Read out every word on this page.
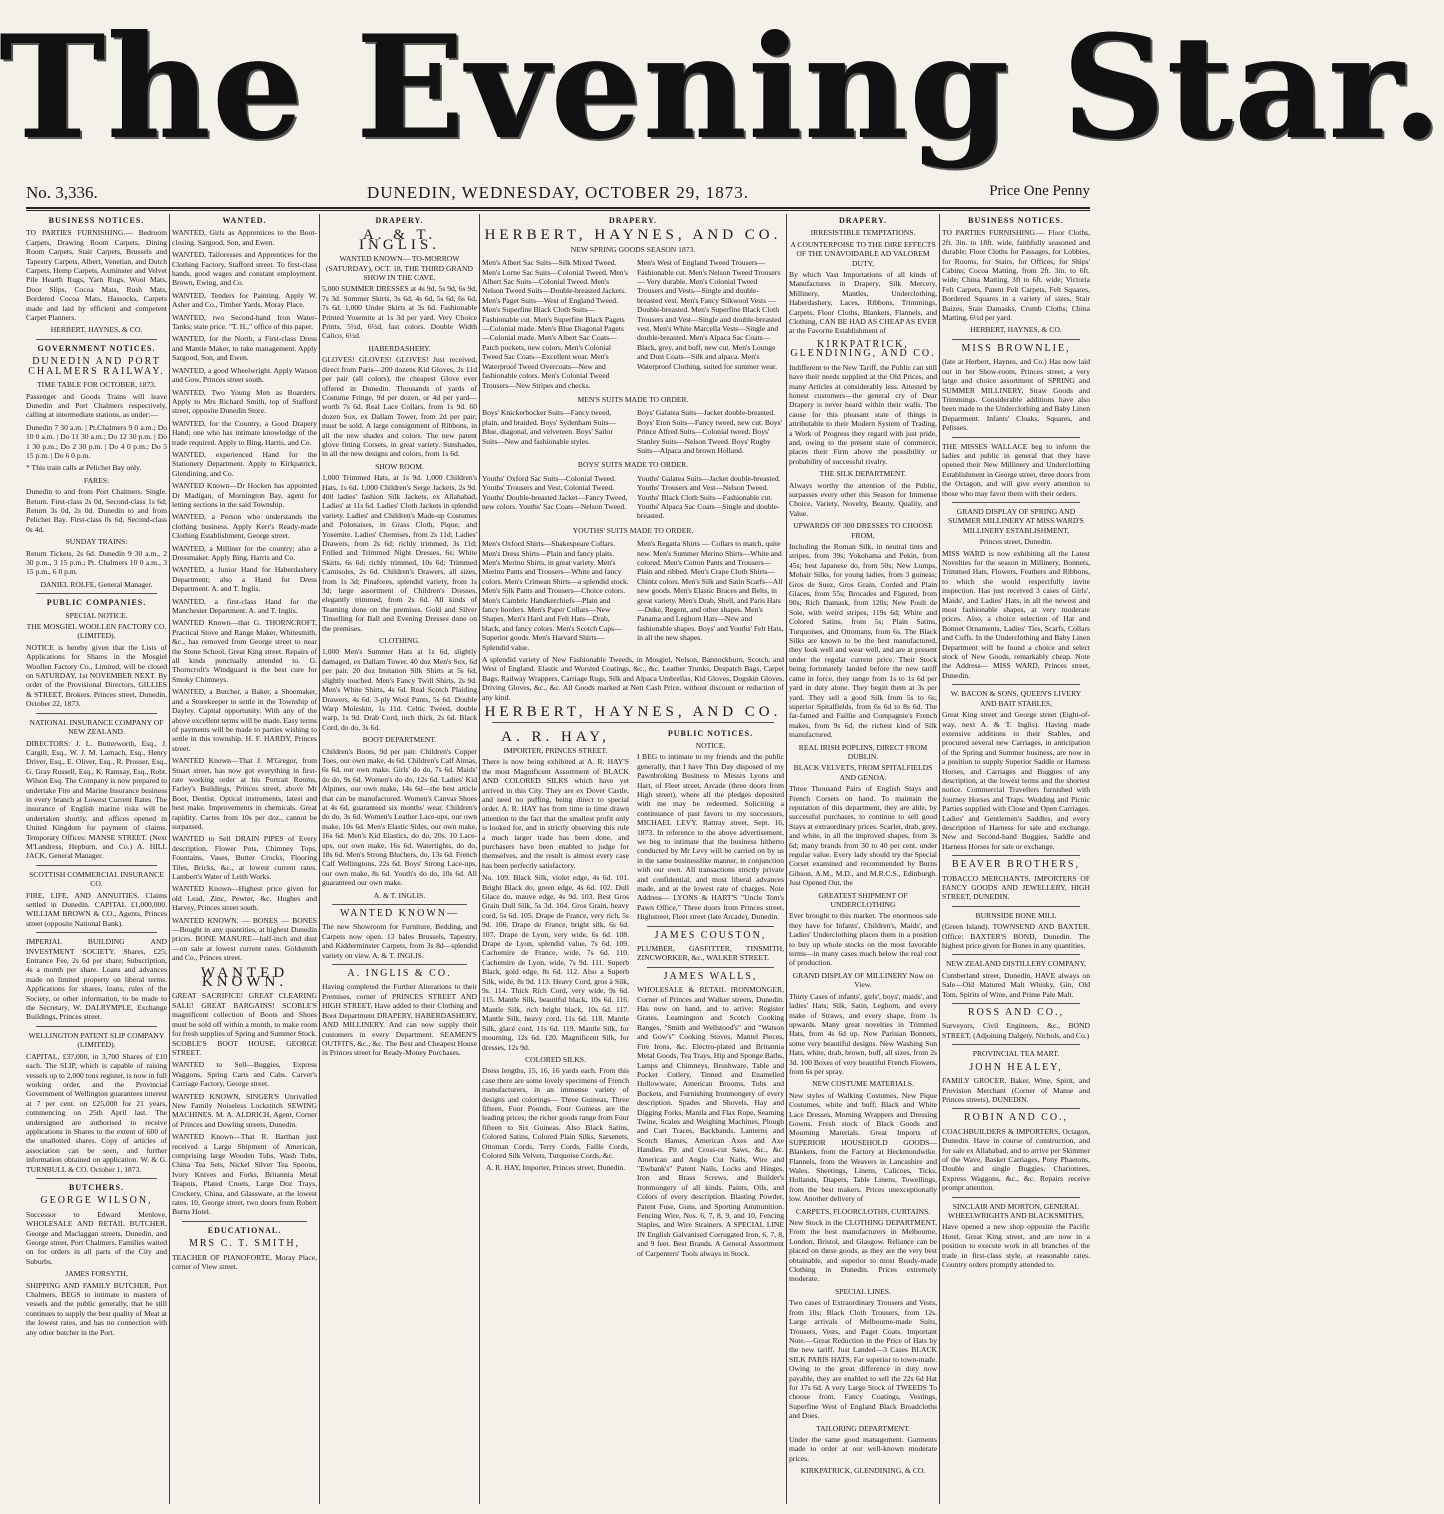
The Evening Star.
No. 3,336.	DUNEDIN, WEDNESDAY, OCTOBER 29, 1873.	Price One Penny
BUSINESS NOTICES.

TO PARTIES FURNISHING.— Bedroom Carpets, Drawing Room Carpets, Dining Room Carpets, Stair Carpets, Brussels and Tapestry Carpets, Albert, Venetian, and Dutch Carpets, Hemp Carpets, Axminster and Velvet Pile Hearth Rugs, Yarn Rugs, Wool Mats, Door Slips, Cocoa Mats, Rush Mats, Bordered Cocoa Mats, Hassocks, Carpets made and laid by efficient and competent Carpet Planners.

HERBERT, HAYNES, & CO.
GOVERNMENT NOTICES.
DUNEDIN AND PORT CHALMERS RAILWAY.
TIME TABLE FOR OCTOBER, 1873.

Passenger and Goods Trains will leave Dunedin and Port Chalmers respectively, calling at intermediate stations, as under:—

Dunedin 7 30 a.m. | Pt.Chalmers 9 0 a.m.; Do 10 0 a.m. | Do 11 30 a.m.; Do 12 30 p.m. | Do 1 30 p.m.; Do 2 30 p.m. | Do 4 0 p.m.; Do 5 15 p.m. | Do 6 0 p.m.

* This train calls at Pelichet Bay only.

FARES:

Dunedin to and from Port Chalmers. Single. Return. First-class 2s 0d, Second-class 1s 6d; Return 3s 0d, 2s 0d. Dunedin to and from Pelichet Bay. First-class 0s 6d, Second-class 0s 4d.

SUNDAY TRAINS:

Return Tickets, 2s 6d. Dunedin 9 30 a.m., 2 30 p.m., 3 15 p.m.; Pt. Chalmers 10 0 a.m., 3 15 p.m., 6 0 p.m.

DANIEL ROLFE, General Manager.
PUBLIC COMPANIES.
SPECIAL NOTICE.
THE MOSGIEL WOOLLEN FACTORY CO. (LIMITED).

NOTICE is hereby given that the Lists of Applications for Shares in the Mosgiel Woollen Factory Co., Limited, will be closed on SATURDAY, 1st NOVEMBER NEXT. By order of the Provisional Directors, GILLIES & STREET, Brokers. Princes street, Dunedin, October 22, 1873.

NATIONAL INSURANCE COMPANY OF NEW ZEALAND.

DIRECTORS: J. L. Butterworth, Esq., J. Cargill, Esq., W. J. M. Larnach, Esq., Henry Driver, Esq., E. Oliver, Esq., R. Prosser, Esq., G. Gray Russell, Esq., K. Ramsay, Esq., Robt. Wilson Esq. The Company is now prepared to undertake Fire and Marine Insurance business in every branch at Lowest Current Rates. The insurance of English marine risks will be undertaken shortly, and offices opened in United Kingdom for payment of claims. Temporary Offices: MANSE STREET. (Next M'Landress, Hepburn, and Co.) A. HILL JACK, General Manager.

SCOTTISH COMMERCIAL INSURANCE CO.

FIRE, LIFE, AND ANNUITIES. Claims settled in Dunedin. CAPITAL £1,000,000. WILLIAM BROWN & CO., Agents, Princes street (opposite National Bank).

IMPERIAL BUILDING AND INVESTMENT SOCIETY. Shares, £25; Entrance Fee, 2s 6d per share; Subscription, 4s a month per share. Loans and advances made on limited property on liberal terms. Applications for shares, loans, rules of the Society, or other information, to be made to the Secretary, W. DALRYMPLE, Exchange Buildings, Princes street.

WELLINGTON PATENT SLIP COMPANY (LIMITED).

CAPITAL, £37,000, in 3,700 Shares of £10 each. The SLIP, which is capable of raising vessels up to 2,000 tons register, is now in full working order, and the Provincial Government of Wellington guarantees interest at 7 per cent. on £25,000 for 21 years, commencing on 25th April last. The undersigned are authorised to receive applications in Shares to the extent of 600 of the unallotted shares. Copy of articles of association can be seen, and further information obtained on application. W. & G. TURNBULL & CO. October 1, 1873.

BUTCHERS.
GEORGE WILSON,

Successor to Edward Menlove, WHOLESALE AND RETAIL BUTCHER, George and Maclaggan streets, Dunedin, and George street, Port Chalmers. Families waited on for orders in all parts of the City and Suburbs.

JAMES FORSYTH,

SHIPPING AND FAMILY BUTCHER, Port Chalmers, BEGS to intimate to masters of vessels and the public generally, that he still continues to supply the best quality of Meat at the lowest rates, and has no connection with any other butcher in the Port.

WANTED.

WANTED, Girls as Apprentices to the Boot-closing. Sargood, Son, and Ewen.

WANTED, Tailoresses and Apprentices for the Clothing Factory, Stafford street. To first-class hands, good wages and constant employment. Brown, Ewing, and Co.

WANTED, Tenders for Painting. Apply W. Asher and Co., Timber Yards, Moray Place.

WANTED, two Second-hand Iron Water-Tanks; state price. "T. H.," office of this paper.

WANTED, for the North, a First-class Dress and Mantle Maker, to take management. Apply Sargood, Son, and Ewen.

WANTED, a good Wheelwright. Apply Watson and Gow, Princes street south.

WANTED, Two Young Men as Boarders. Apply to Mrs Richard Smith, top of Stafford street, opposite Dunedin Store.

WANTED, for the Country, a Good Drapery Hand; one who has intimate knowledge of the trade required. Apply to Bing, Harris, and Co.

WANTED, experienced Hand for the Stationery Department. Apply to Kirkpatrick, Glendining, and Co.

WANTED Known—Dr Hocken has appointed Dr Madigan, of Mornington Bay, agent for letting sections in the said Township.

WANTED, a Person who understands the clothing business. Apply Kerr's Ready-made Clothing Establishment, George street.

WANTED, a Milliner for the country; also a Dressmaker. Apply Bing, Harris and Co.

WANTED, a Junior Hand for Haberdashery Department; also a Hand for Dress Department. A. and T. Inglis.

WANTED, a first-class Hand for the Manchester Department. A. and T. Inglis.

WANTED Known—that G. THORNCROFT, Practical Stove and Range Maker, Whitesmith, &c., has removed from George street to near the Stone School, Great King street. Repairs of all kinds punctually attended to. G. Thorncroft's Windguard is the best cure for Smoky Chimneys.

WANTED, a Butcher, a Baker, a Shoemaker, and a Storekeeper to settle in the Township of Dayley. Capital opportunity. With any of the above excellent terms will be made. Easy terms of payments will be made to parties wishing to settle in this township. H. F. HARDY, Princes street.

WANTED Known—That J. M'Gregor, from Stuart street, has now got everything in first-rate working order at his Portrait Rooms, Farley's Buildings, Princes street, above Mr Boot, Dentist. Optical instruments, latest and best make. Improvements in chemicals. Great rapidity. Cartes from 10s per doz., cannot be surpassed.

WANTED to Sell DRAIN PIPES of Every description, Flower Pots, Chimney Tops, Fountains, Vases, Butter Crocks, Flooring Tiles, Bricks, &c., at lowest current rates. Lambert's Water of Leith Works.

WANTED Known—Highest price given for old Lead, Zinc, Pewter, &c. Hughes and Harvey, Princes street south.

WANTED KNOWN. — BONES — BONES—Bought in any quantities, at highest Dunedin prices. BONE MANURE—half-inch and dust—on sale at lowest current rates. Goldsmith and Co., Princes street.

WANTED KNOWN.

GREAT SACRIFICE! GREAT CLEARING SALE! GREAT BARGAINS! SCOBLE'S magnificent collection of Boots and Shoes must be sold off within a month, to make room for fresh supplies of Spring and Summer Stock. SCOBLE'S BOOT HOUSE, GEORGE STREET.

WANTED to Sell—Buggies, Express Waggons, Spring Carts and Cabs. Carver's Carriage Factory, George street.

WANTED KNOWN, SINGER'S Unrivalled New Family Noiseless Lockstitch SEWING MACHINES. M. A. ALDRICH, Agent, Corner of Princes and Dowling streets, Dunedin.

WANTED Known—That R. Barthan just received a Large Shipment of American, comprising large Wooden Tubs, Wash Tubs, China Tea Sets, Nickel Silver Tea Spoons, Ivory Knives and Forks, Britannia Metal Teapots, Plated Cruets, Large Doz Trays, Crockery, China, and Glassware, at the lowest rates. 10, George street, two doors from Robert Burns Hotel.

EDUCATIONAL.
MRS C. T. SMITH,

TEACHER OF PIANOFORTE, Moray Place, corner of View street.

DRAPERY.
A. & T. INGLIS.
WANTED KNOWN— TO-MORROW (SATURDAY), OCT. 18, THE THIRD GRAND SHOW IN THE CAVE.

5,000 SUMMER DRESSES at 4s 9d, 5s 9d, 6s 9d, 7s 3d. Summer Skirts, 3s 6d, 4s 6d, 5s 6d, 6s 6d, 7s 6d. 1,000 Under Skirts at 3s 6d. Fashionable Printed Yosemite at 1s 3d per yard. Very Choice Prints, 5½d, 6½d, fast colors. Double Width Calico, 6½d.

HABERDASHERY.

GLOVES! GLOVES! GLOVES! Just received, direct from Paris—200 dozens Kid Gloves, 2s 11d per pair (all colors), the cheapest Glove ever offered in Dunedin. Thousands of yards of Costume Fringe, 9d per dozen, or 4d per yard—worth 7s 6d. Real Lace Collars, from 1s 9d. 60 dozen Sox, ex Dallam Tower, from 2d per pair; must be sold. A large consignment of Ribbons, in all the new shades and colors. The new patent glove fitting Corsets, in great variety. Sunshades, in all the new designs and colors, from 1s 6d.

SHOW ROOM.

1,000 Trimmed Hats, at 1s 9d. 1,000 Children's Hats, 1s 6d. 1,000 Children's Serge Jackets, 2s 9d. 400 ladies' fashion Silk Jackets, ex Allahabad, Ladies' at 11s 6d. Ladies' Cloth Jackets in splendid variety. Ladies' and Children's Made-up Costumes and Polonaises, in Grass Cloth, Pique, and Yosemite. Ladies' Chemises, from 2s 11d; Ladies' Drawers, from 2s 6d; richly trimmed, 3s 11d; Frilled and Trimmed Night Dresses, 6s; White Skirts, 6s 6d; richly trimmed, 10s 6d; Trimmed Camisoles, 2s 6d. Children's Drawers, all sizes, from 1s 3d; Pinafores, splendid variety, from 1s 3d; large assortment of Children's Dresses, elegantly trimmed, from 2s 6d. All kinds of Teaming done on the premises. Gold and Silver Tinselling for Ball and Evening Dresses done on the premises.

CLOTHING.

1,000 Men's Summer Hats at 1s 6d, slightly damaged, ex Dallam Tower. 40 doz Men's Sox, 6d per pair. 20 doz Imitation Silk Shirts at 5s 6d, slightly touched. Men's Fancy Twill Shirts, 2s 9d. Men's White Shirts, 4s 6d. Real Scotch Plaiding Drawers, 4s 6d. 3-ply Wool Pants, 5s 6d. Double Warp Moleskin, 1s 11d. Celtic Tweed, double warp, 1s 9d. Drab Cord, inch thick, 2s 6d. Black Cord, do do, 3s 6d.

BOOT DEPARTMENT.

Children's Boots, 9d per pair. Children's Copper Toes, our own make, 4s 6d. Children's Calf Almas, 6s 6d, our own make. Girls' do do, 7s 6d. Maids' do do, 9s 6d. Women's do do, 12s 6d. Ladies' Kid Alpines, our own make, 14s 6d—the best article that can be manufactured. Women's Canvas Shoes at 4s 6d, guaranteed six months' wear. Children's do do, 3s 6d. Women's Leather Lace-ups, our own make, 10s 6d. Men's Elastic Sides, our own make, 16s 6d. Men's Kid Elastics, do do, 20s. 10 Lace-ups, our own make, 16s 6d. Watertights, do do, 18s 6d. Men's Strong Bluchers, do, 13s 6d. French Calf Wellingtons, 22s 6d. Boys' Strong Lace-ups, our own make, 8s 6d. Youth's do do, 10s 6d. All guaranteed our own make.

A. & T. INGLIS.
WANTED KNOWN—

The new Showroom for Furniture, Bedding, and Carpets now open. 13 bales Brussels, Tapestry, and Kidderminster Carpets, from 3s 8d—splendid variety on view. A. & T. INGLIS.

A. INGLIS & CO.

Having completed the Further Alterations to their Premises, corner of PRINCES STREET AND HIGH STREET, Have added to their Clothing and Boot Department DRAPERY, HABERDASHERY, AND MILLINERY. And can now supply their customers in every Department. SEAMEN'S OUTFITS, &c., &c. The Best and Cheapest House in Princes street for Ready-Money Purchases.

DRAPERY.
HERBERT, HAYNES, AND CO.
NEW SPRING GOODS SEASON 1873.
Men's Albert Sac Suits—Silk Mixed Tweed. Men's Lorne Sac Suits—Colonial Tweed. Men's Albert Sac Suits—Colonial Tweed. Men's Nelson Tweed Suits—Double-breasted Jackets. Men's Paget Suits—West of England Tweed. Men's Superfine Black Cloth Suits—Fashionable cut. Men's Superfine Black Pagets—Colonial made. Men's Blue Diagonal Pagets—Colonial made. Men's Albert Sac Coats—Patch pockets, new colors. Men's Colonial Tweed Sac Coats—Excellent wear. Men's Waterproof Tweed Overcoats—New and fashionable colors. Men's Colonial Tweed Trousers—New Stripes and checks.
Men's West of England Tweed Trousers—Fashionable cut. Men's Nelson Tweed Trousers — Very durable. Men's Colonial Tweed Trousers and Vests—Single and double-breasted vest. Men's Fancy Silkwool Vests — Double-breasted. Men's Superfine Black Cloth Trousers and Vest—Single and double-breasted vest. Men's White Marcella Vests—Single and double-breasted. Men's Alpaca Sac Coats—Black, grey, and buff, new cut. Men's Lounge and Dust Coats—Silk and alpaca. Men's Waterproof Clothing, suited for summer wear.
MEN'S SUITS MADE TO ORDER.
Boys' Knickerbocker Suits—Fancy tweed, plain, and braided. Boys' Sydenham Suits—Blue, diagonal, and velveteen. Boys' Sailor Suits—New and fashionable styles.
Boys' Galatea Suits—Jacket double-breasted. Boys' Eton Suits—Fancy tweed, new cut. Boys' Prince Alfred Suits—Colonial tweed. Boys' Stanley Suits—Nelson Tweed. Boys' Rugby Suits—Alpaca and brown Holland.
BOYS' SUITS MADE TO ORDER.
Youths' Oxford Sac Suits—Colonial Tweed. Youths' Trousers and Vest, Colonial Tweed. Youths' Double-breasted Jacket—Fancy Tweed, new colors. Youths' Sac Coats—Nelson Tweed.
Youths' Galatea Suits—Jacket double-breasted. Youths' Trousers and Vest—Nelson Tweed. Youths' Black Cloth Suits—Fashionable cut. Youths' Alpaca Sac Coats—Single and double-breasted.
YOUTHS' SUITS MADE TO ORDER.
Men's Oxford Shirts—Shakespeare Collars. Men's Dress Shirts—Plain and fancy plaits. Men's Merino Shirts, in great variety. Men's Merino Pants and Trousers—White and fancy colors. Men's Crimean Shirts—a splendid stock. Men's Silk Pants and Trousers—Choice colors. Men's Cambric Handkerchiefs—Plain and fancy borders. Men's Paper Collars—New Shapes. Men's Hard and Felt Hats—Drab, black, and fancy colors. Men's Scotch Caps—Superior goods. Men's Harvard Shirts—Splendid value.
Men's Regatta Shirts — Collars to match, quite new. Men's Summer Merino Shirts—White and colored. Men's Cotton Pants and Trousers—Plain and ribbed. Men's Crape Cloth Shirts—Chintz colors. Men's Silk and Satin Scarfs—All new goods. Men's Elastic Braces and Belts, in great variety. Men's Drab, Shell, and Paris Hats—Duke, Regent, and other shapes. Men's Panama and Leghorn Hats—New and fashionable shapes. Boys' and Youths' Felt Hats, in all the new shapes.

A splendid variety of New Fashionable Tweeds, in Mosgiel, Nelson, Bannockburn, Scotch, and West of England. Elastic and Worsted Coatings, &c., &c. Leather Trunks, Despatch Bags, Carpet Bags, Railway Wrappers, Carriage Rugs, Silk and Alpaca Umbrellas, Kid Gloves, Dogskin Gloves, Driving Gloves, &c., &c. All Goods marked at Nett Cash Price, without discount or reduction of any kind.

HERBERT, HAYNES, AND CO.
A. R. HAY,
IMPORTER, PRINCES STREET.

There is now being exhibited at A. R. HAY'S the most Magnificent Assortment of BLACK AND COLORED SILKS which have yet arrived in this City. They are ex Dover Castle, and need no puffing, being direct to special order. A. R. HAY has from time to time drawn attention to the fact that the smallest profit only is looked for, and in strictly observing this rule a much larger trade has been done, and purchasers have been enabled to judge for themselves, and the result is almost every case has been perfectly satisfactory.

No. 109. Black Silk, violet edge, 4s 6d. 101. Bright Black do, green edge, 4s 6d. 102. Dull Glace do, mauve edge, 4s 9d. 103. Best Gros Grain Dull Silk, 5s 3d. 104. Gros Grain, heavy cord, 5s 6d. 105. Drape de France, very rich, 5s 9d. 106. Drape de France, bright silk, 6s 6d. 107. Drape de Lyon, very wide, 6s 6d. 108. Drape de Lyon, splendid value, 7s 6d. 109. Cachemire de France, wide, 7s 6d. 110. Cachemire de Lyon, wide, 7s 9d. 111. Superb Black, gold edge, 8s 6d. 112. Also a Superb Silk, wide, 8s 9d. 113. Heavy Cord, gros à Silk, 9s. 114. Thick Rich Cord, very wide, 9s 6d. 115. Mantle Silk, beautiful black, 10s 6d. 116. Mantle Silk, rich bright black, 10s 6d. 117. Mantle Silk, heavy cord, 11s 6d. 118. Mantle Silk, glacé cord, 11s 6d. 119. Mantle Silk, for mourning, 12s 6d. 120. Magnificent Silk, for dresses, 12s 9d.

COLORED SILKS.

Dress lengths, 15, 16, 16 yards each. From this case there are some lovely specimens of French manufacturers, in an immense variety of designs and colorings— Three Guineas, Three fifteen, Four Pounds, Four Guineas are the leading prices; the richer goods range from Four fifteen to Six Guineas. Also Black Satins, Colored Satins, Colored Plain Silks, Sarsenets, Ottoman Cords, Terry Cords, Faille Cords, Colored Silk Velvets, Turquoise Cords, &c.

A. R. HAY, Importer, Princes street, Dunedin.
PUBLIC NOTICES.
NOTICE.

I BEG to intimate to my friends and the public generally, that I have This Day disposed of my Pawnbroking Business to Messrs Lyons and Hart, of Fleet street, Arcade (three doors from High street), where all the pledges deposited with me may be redeemed. Soliciting a continuance of past favors to my successors, MICHAEL LEVY. Rattray street, Sept. 16, 1873. In reference to the above advertisement, we beg to intimate that the business hitherto conducted by Mr Levy will be carried on by us in the same businesslike manner, in conjunction with our own. All transactions strictly private and confidential, and most liberal advances made, and at the lowest rate of charges. Note Address— LYONS & HART'S "Uncle Tom's Pawn Office," Three doors from Princes street, Highstreet, Fleet street (late Arcade), Dunedin.

JAMES COUSTON,

PLUMBER, GASFITTER, TINSMITH, ZINCWORKER, &c., WALKER STREET.

JAMES WALLS,

WHOLESALE & RETAIL IRONMONGER, Corner of Princes and Walker streets, Dunedin. Has now on hand, and to arrive: Register Grates, Leamington and Scotch Cooking Ranges, "Smith and Wellstood's" and "Watson and Gow's" Cooking Stoves, Mantel Pieces, Fire Irons, &c. Electro-plated and Britannia Metal Goods, Tea Trays, Hip and Sponge Baths, Lamps and Chimneys, Brushware, Table and Pocket Cutlery, Tinned and Enamelled Hollowware, American Brooms, Tubs and Buckets, and Furnishing Ironmongery of every description. Spades and Shovels, Hay and Digging Forks, Manila and Flax Rope, Seaming Twine, Scales and Weighing Machines, Plough and Cart Traces, Backbands, Lanterns and Scotch Hames, American Axes and Axe Handles. Pit and Cross-cut Saws, &c., &c. American and Anglo Cut Nails, Wire and "Ewbank's" Patent Nails, Locks and Hinges, Iron and Brass Screws, and Builder's Ironmongery of all kinds. Paints, Oils, and Colors of every description. Blasting Powder, Patent Fuse, Guns, and Sporting Ammunition. Fencing Wire, Nos. 6, 7, 8, 9, and 10, Fencing Staples, and Wire Strainers. A SPECIAL LINE IN English Galvanised Corrugated Iron, 6, 7, 8, and 9 feet. Best Brands. A General Assortment of Carpenters' Tools always in Stock.

DRAPERY.
IRRESISTIBLE TEMPTATIONS.
A COUNTERPOISE TO THE DIRE EFFECTS OF THE UNAVOIDABLE AD VALOREM DUTY,

By which Vast Importations of all kinds of Manufactures in Drapery, Silk Mercery, Millinery, Mantles, Underclothing, Haberdashery, Laces, Ribbons, Trimmings, Carpets, Floor Cloths, Blankets, Flannels, and Clothing, CAN BE HAD AS CHEAP AS EVER at the Favorite Establishment of

KIRKPATRICK, GLENDINING, AND CO.

Indifferent to the New Tariff, the Public can still have their needs supplied at the Old Prices, and many Articles at considerably less. Attested by honest customers—the general cry of Dear Drapery is never heard within their walls. The cause for this pleasant state of things is attributable to their Modern System of Trading, a Work of Progress they regard with just pride, and, owing to the present state of commerce, places their Firm above the possibility or probability of successful rivalry.

THE SILK DEPARTMENT.

Always worthy the attention of the Public, surpasses every other this Season for Immense Choice, Variety, Novelty, Beauty, Quality, and Value.

UPWARDS OF 300 DRESSES TO CHOOSE FROM,

Including the Roman Silk, in neutral tints and stripes, from 39s; Yokohama and Pekin, from 45s; best Japanese do, from 50s; New Lumps, Mohair Silks, for young ladies, from 3 guineas; Gros de Suez, Gros Grain, Corded and Plain Glaces, from 55s; Brocades and Figured, from 90s; Rich Damask, from 120s; New Poult de Soie, with weird stripes, 119s 6d; White and Colored Satins, from 5s; Plain Satins, Turquoises, and Ottomans, from 6s. The Black Silks are known to be the best manufactured, they look well and wear well, and are at present under the regular current price. Their Stock being fortunately landed before the new tariff came in force, they range from 1s to 1s 6d per yard in duty alone. They begin them at 3s per yard. They sell a good Silk from 5s to 6s; superior Spitalfields, from 6s 6d to 8s 6d. The far-famed and Faillie and Compagnie's French makes, from 9s 6d, the richest kind of Silk manufactured.

REAL IRISH POPLINS, DIRECT FROM DUBLIN.
BLACK VELVETS, FROM SPITALFIELDS AND GENOA.

Three Thousand Pairs of English Stays and French Corsets on hand. To maintain the reputation of this department, they are able, by successful purchases, to continue to sell good Stays at extraordinary prices. Scarlet, drab, grey, and white, in all the improved shapes, from 3s 6d; many brands from 30 to 40 per cent. under regular value. Every lady should try the Special Corset examined and recommended by Burns Gibson, A.M., M.D., and M.R.C.S., Edinburgh. Just Opened Out, the

GREATEST SHIPMENT OF UNDERCLOTHING

Ever brought to this market. The enormous sale they have for Infants', Children's, Maids', and Ladies' Underclothing places them in a position to buy up whole stocks on the most favorable terms—in many cases much below the real cost of production.

GRAND DISPLAY OF MILLINERY Now on View.

Thirty Cases of infants', girls', boys', maids', and ladies' Hats; Silk, Satin, Leghorn, and every make of Straws, and every shape, from 1s upwards. Many great novelties in Trimmed Hats, from 4s 6d up. New Parisian Bonnets, some very beautiful designs. New Washing Sun Hats, white, drab, brown, buff, all sizes, from 2s 3d. 100 Boxes of very beautiful French Flowers, from 6s per spray.

NEW COSTUME MATERIALS.

New styles of Walking Costumes, New Pique Costumes, white and buff; Black and White Lace Dresses, Morning Wrappers and Dressing Gowns. Fresh stock of Black Goods and Mourning Materials. Great Imports of SUPERIOR HOUSEHOLD GOODS— Blankets, from the Factory at Heckmondwike. Flannels, from the Weavers in Lancashire and Wales. Sheetings, Linens, Calicoes, Ticks, Hollands, Diapers, Table Linens, Towellings, from the best makers. Prices unexceptionally low. Another delivery of

CARPETS, FLOORCLOTHS, CURTAINS.

New Stock in the CLOTHING DEPARTMENT, From the best manufacturers in Melbourne, London, Bristol, and Glasgow. Reliance can be placed on these goods, as they are the very best obtainable, and superior to most Ready-made Clothing in Dunedin. Prices extremely moderate.

SPECIAL LINES.

Two cases of Extraordinary Trousers and Vests, from 10s; Black Cloth Trousers, from 12s. Large arrivals of Melbourne-made Suits, Trousers, Vests, and Paget Coats. Important Note.—Great Reduction in the Price of Hats by the new tariff. Just Landed—3 Cases BLACK SILK PARIS HATS, Far superior to town-made. Owing to the great difference in duty now payable, they are enabled to sell the 22s 6d Hat for 17s 6d. A very Large Stock of TWEEDS To choose from. Fancy Coatings, Vestings, Superfine West of England Black Broadcloths and Does.

TAILORING DEPARTMENT.

Under the same good management. Garments made to order at our well-known moderate prices.

KIRKPATRICK, GLENDINING, & CO.
BUSINESS NOTICES.

TO PARTIES FURNISHING.— Floor Cloths, 2ft. 3in. to 18ft. wide, faithfully seasoned and durable; Floor Cloths for Passages, for Lobbies, for Rooms, for Stairs, for Offices, for Ships' Cabins; Cocoa Matting, from 2ft. 3in. to 6ft. wide; China Matting, 3ft to 6ft. wide; Victoria Felt Carpets, Patent Felt Carpets, Felt Squares, Bordered Squares in a variety of sizes, Stair Baizes, Stair Damasks, Crumb Cloths; China Matting, 6½d per yard.

HERBERT, HAYNES, & CO.
MISS BROWNLIE,

(late at Herbert, Haynes, and Co.) Has now laid out in her Show-room, Princes street, a very large and choice assortment of SPRING and SUMMER MILLINERY, Straw Goods and Trimmings. Considerable additions have also been made to the Underclothing and Baby Linen Department. Infants' Cloaks, Squares, and Pelisses.

THE MISSES WALLACE beg to inform the ladies and public in general that they have opened their New Millinery and Underclothing Establishment in George street, three doors from the Octagon, and will give every attention to those who may favor them with their orders.

GRAND DISPLAY OF SPRING AND SUMMER MILLINERY AT MISS WARD'S MILLINERY ESTABLISHMENT,
Princes street, Dunedin.

MISS WARD is now exhibiting all the Latest Novelties for the season in Millinery, Bonnets, Trimmed Hats, Flowers, Feathers and Ribbons, to which she would respectfully invite inspection. Has just received 3 cases of Girls', Maids', and Ladies' Hats, in all the newest and most fashionable shapes, at very moderate prices. Also, a choice selection of Hat and Bonnet Ornaments, Ladies' Ties, Scarfs, Collars and Cuffs. In the Underclothing and Baby Linen Department will be found a choice and select stock of New Goods, remarkably cheap. Note the Address— MISS WARD, Princes street, Dunedin.

W. BACON & SONS, QUEEN'S LIVERY AND BAIT STABLES,

Great King street and George street (Eight-of-way, next A. & T. Inglis). Having made extensive additions to their Stables, and procured several new Carriages, in anticipation of the Spring and Summer business, are now in a position to supply Superior Saddle or Harness Horses, and Carriages and Buggies of any description, at the lowest terms and the shortest notice. Commercial Travellers furnished with Journey Horses and Traps. Wedding and Picnic Parties supplied with Close and Open Carriages. Ladies' and Gentlemen's Saddles, and every description of Harness for sale and exchange. New and Second-hand Buggies, Saddle and Harness Horses for sale or exchange.

BEAVER BROTHERS,

TOBACCO MERCHANTS, IMPORTERS OF FANCY GOODS AND JEWELLERY, HIGH STREET, DUNEDIN.

BURNSIDE BONE MILL

(Green Island). TOWNSEND AND BAXTER. Office: BAXTER'S BOND, Dunedin. The highest price given for Bones in any quantities.

NEW ZEALAND DISTILLERY COMPANY,

Cumberland street, Dunedin, HAVE always on Sale—Old Matured Malt Whisky, Gin, Old Tom, Spirits of Wine, and Prime Pale Malt.

ROSS AND CO.,

Surveyors, Civil Engineers, &c., BOND STREET, (Adjoining Dalgety, Nichols, and Co.)

PROVINCIAL TEA MART.
JOHN HEALEY,

FAMILY GROCER, Baker, Wine, Spirit, and Provision Merchant (Corner of Manse and Princes streets), DUNEDIN.

ROBIN AND CO.,

COACHBUILDERS & IMPORTERS, Octagon, Dunedin. Have in course of construction, and for sale ex Allahabad, and to arrive per Skimmer of the Wave, Basket Carriages, Pony Phaetons, Double and single Buggies, Chariottees, Express Waggons, &c., &c. Repairs receive prompt attention.

SINCLAIR AND MORTON, GENERAL WHEELWRIGHTS AND BLACKSMITHS,

Have opened a new shop opposite the Pacific Hotel, Great King street, and are now in a position to execute work in all branches of the trade in first-class style, at reasonable rates. Country orders promptly attended to.
